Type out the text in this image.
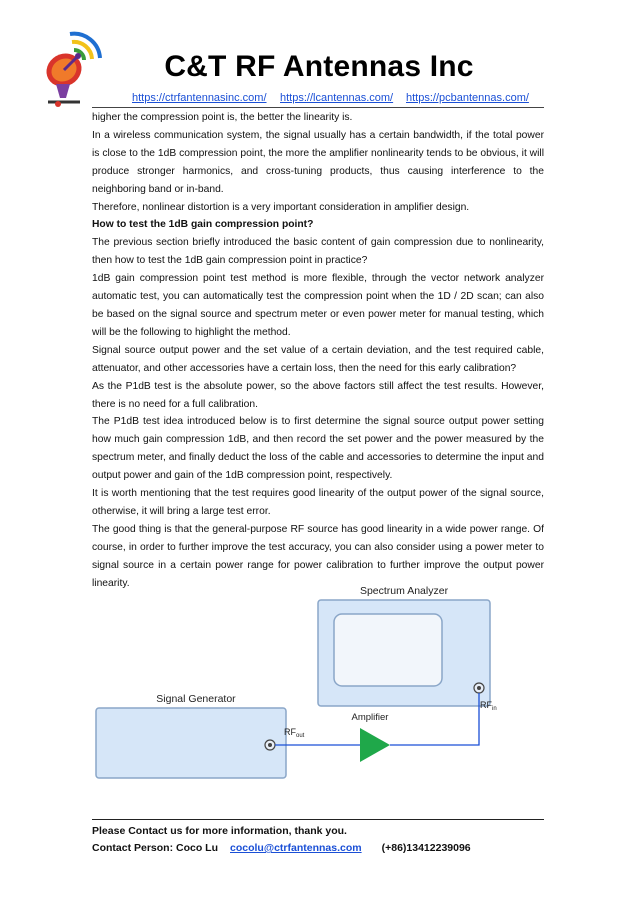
C&T RF Antennas Inc
https://ctrfantennasinc.com/ https://lcantennas.com/ https://pcbantennas.com/

higher the compression point is, the better the linearity is.

In a wireless communication system, the signal usually has a certain bandwidth, if the total power is close to the 1dB compression point, the more the amplifier nonlinearity tends to be obvious, it will produce stronger harmonics, and cross-tuning products, thus causing interference to the neighboring band or in-band.

Therefore, nonlinear distortion is a very important consideration in amplifier design.

How to test the 1dB gain compression point?

The previous section briefly introduced the basic content of gain compression due to nonlinearity, then how to test the 1dB gain compression point in practice?

1dB gain compression point test method is more flexible, through the vector network analyzer automatic test, you can automatically test the compression point when the 1D / 2D scan; can also be based on the signal source and spectrum meter or even power meter for manual testing, which will be the following to highlight the method.

Signal source output power and the set value of a certain deviation, and the test required cable, attenuator, and other accessories have a certain loss, then the need for this early calibration?

As the P1dB test is the absolute power, so the above factors still affect the test results. However, there is no need for a full calibration.

The P1dB test idea introduced below is to first determine the signal source output power setting how much gain compression 1dB, and then record the set power and the power measured by the spectrum meter, and finally deduct the loss of the cable and accessories to determine the input and output power and gain of the 1dB compression point, respectively.

It is worth mentioning that the test requires good linearity of the output power of the signal source, otherwise, it will bring a large test error.

The good thing is that the general-purpose RF source has good linearity in a wide power range. Of course, in order to further improve the test accuracy, you can also consider using a power meter to signal source in a certain power range for power calibration to further improve the output power linearity.

Spectrum Analyzer
$RF_{in}$
Signal Generator
$RF_{out}$
Amplifier
Please Contact us for more information, thank you.
Contact Person: Coco Lu cocolu@ctrfantennas.com (+86)13412239096
